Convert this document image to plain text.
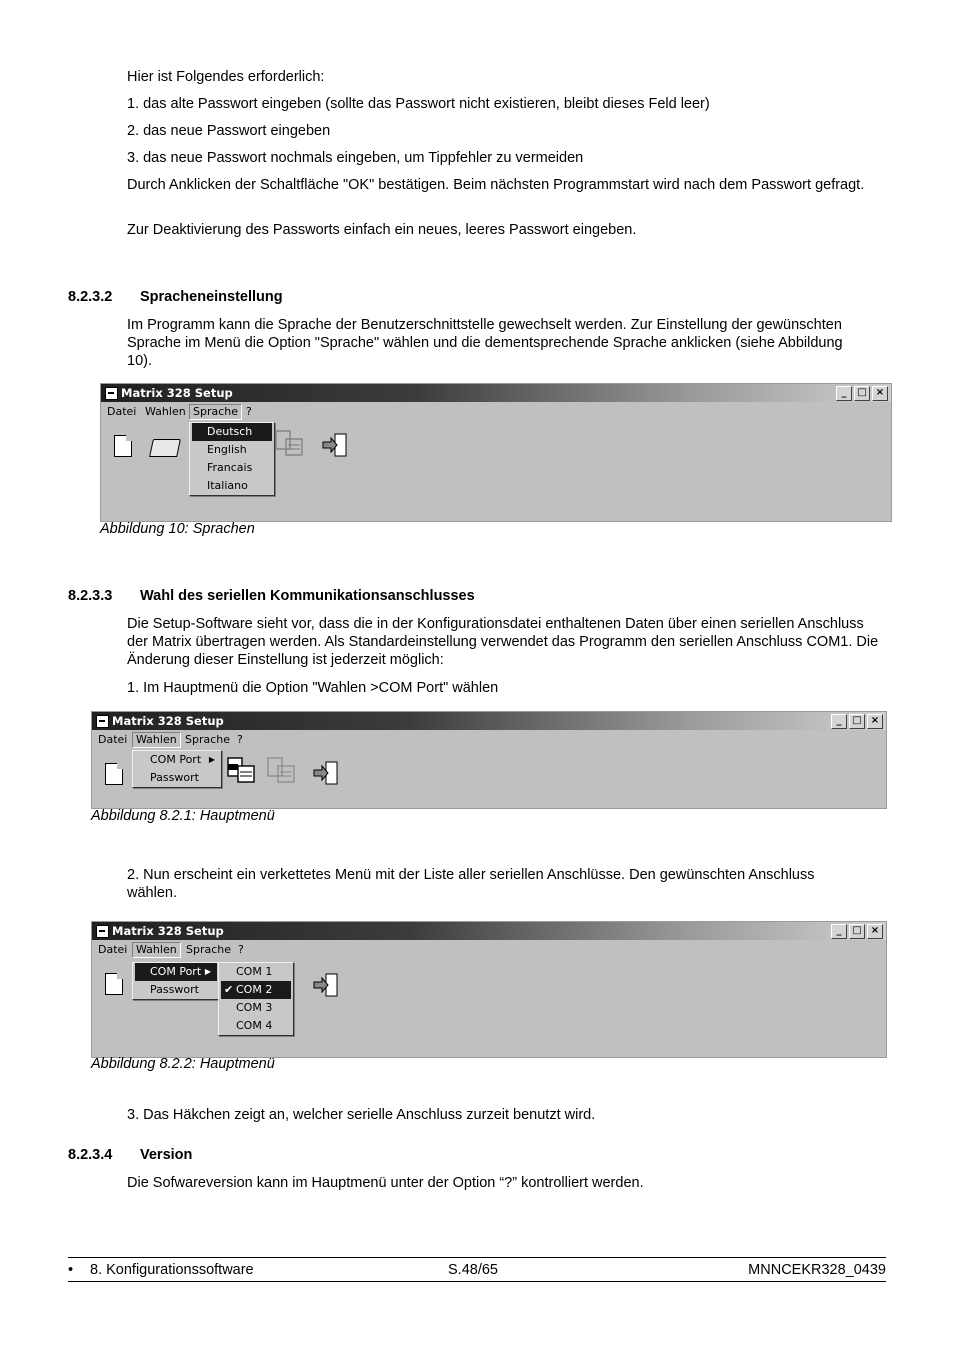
Hier ist Folgendes erforderlich:

1. das alte Passwort eingeben (sollte das Passwort nicht existieren, bleibt dieses Feld leer)

2. das neue Passwort eingeben

3. das neue Passwort nochmals eingeben, um Tippfehler zu vermeiden

Durch Anklicken der Schaltfläche "OK" bestätigen. Beim nächsten Programmstart wird nach dem Passwort gefragt.

Zur Deaktivierung des Passworts einfach ein neues, leeres Passwort eingeben.

8.2.3.2 Spracheneinstellung

Im Programm kann die Sprache der Benutzerschnittstelle gewechselt werden. Zur Einstellung der gewünschten Sprache im Menü die Option "Sprache" wählen und die dementsprechende Sprache anklicken (siehe Abbildung 10).

Matrix 328 Setup	_	□ ×
Datei Wahlen Sprache ?
Deutsch
English
Francais
Italiano
Abbildung 10: Sprachen
8.2.3.3 Wahl des seriellen Kommunikationsanschlusses

Die Setup-Software sieht vor, dass die in der Konfigurationsdatei enthaltenen Daten über einen seriellen Anschluss der Matrix übertragen werden. Als Standardeinstellung verwendet das Programm den seriellen Anschluss COM1. Die Änderung dieser Einstellung ist jederzeit möglich:

1. Im Hauptmenü die Option "Wahlen >COM Port" wählen

Matrix 328 Setup	_	□ ×
Datei Wahlen Sprache ?
COM Port ▶
Passwort
Abbildung 8.2.1: Hauptmenü

2. Nun erscheint ein verkettetes Menü mit der Liste aller seriellen Anschlüsse. Den gewünschten Anschluss wählen.

Matrix 328 Setup	_	□ ×
Datei Wahlen Sprache ?
COM Port ▶
Passwort
COM 1
✔ COM 2
COM 3
COM 4
Abbildung 8.2.2: Hauptmenü

3. Das Häkchen zeigt an, welcher serielle Anschluss zurzeit benutzt wird.

8.2.3.4 Version

Die Sofwareversion kann im Hauptmenü unter der Option “?” kontrolliert werden.

• 8. Konfigurationssoftware	S.48/65	MNNCEKR328_0439
